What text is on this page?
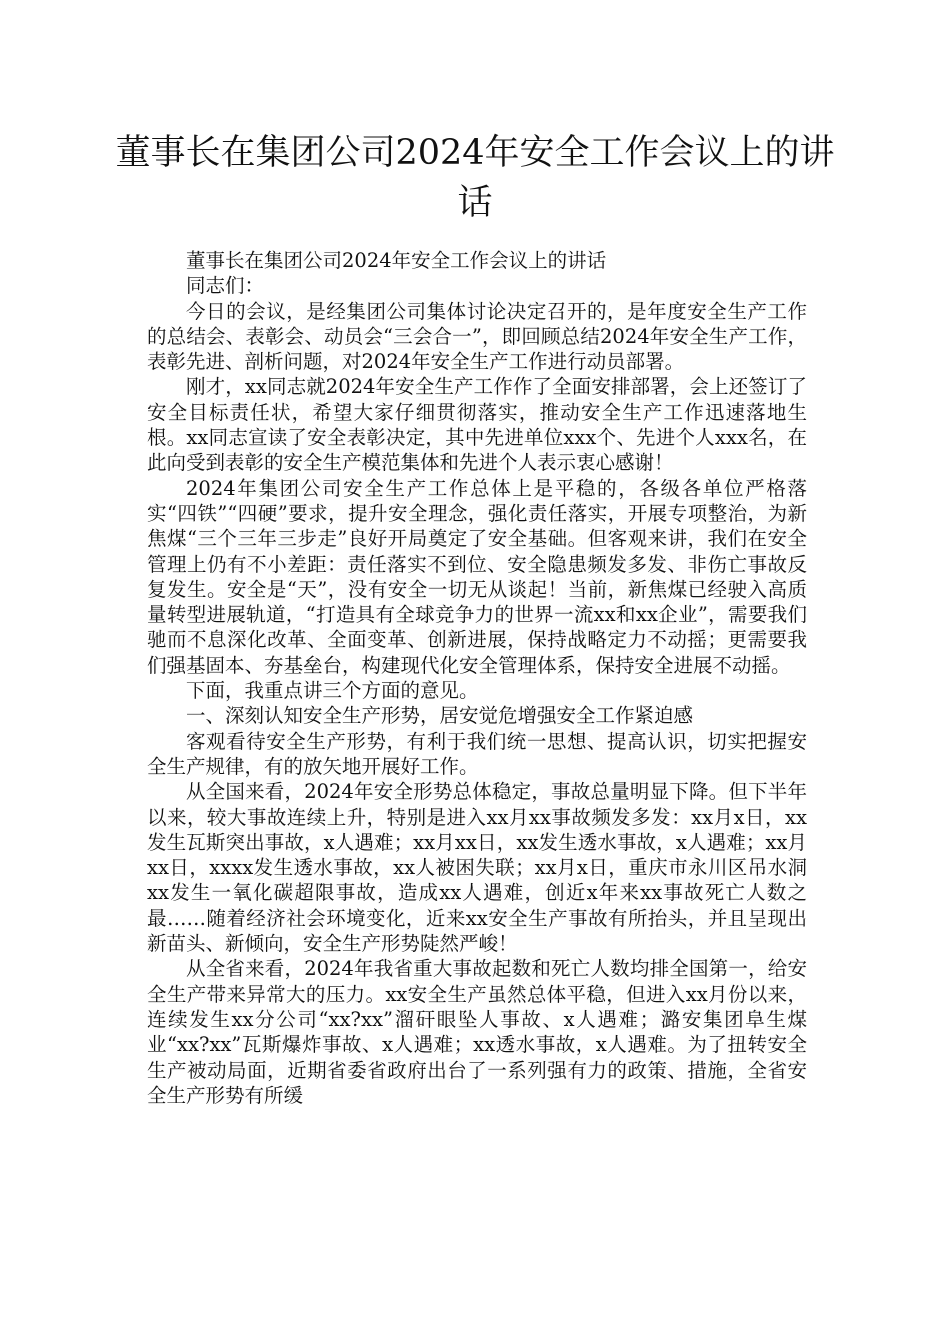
董事长在集团公司2024年安全工作会议上的讲话

董事长在集团公司2024年安全工作会议上的讲话

同志们：

今日的会议，是经集团公司集体讨论决定召开的，是年度安全生产工作的总结会、表彰会、动员会“三会合一”，即回顾总结2024年安全生产工作，表彰先进、剖析问题，对2024年安全生产工作进行动员部署。

刚才，xx同志就2024年安全生产工作作了全面安排部署，会上还签订了安全目标责任状，希望大家仔细贯彻落实，推动安全生产工作迅速落地生根。xx同志宣读了安全表彰决定，其中先进单位xxx个、先进个人xxx名，在此向受到表彰的安全生产模范集体和先进个人表示衷心感谢！

2024年集团公司安全生产工作总体上是平稳的，各级各单位严格落实“四铁”“四硬”要求，提升安全理念，强化责任落实，开展专项整治，为新焦煤“三个三年三步走”良好开局奠定了安全基础。但客观来讲，我们在安全管理上仍有不小差距：责任落实不到位、安全隐患频发多发、非伤亡事故反复发生。安全是“天”，没有安全一切无从谈起！当前，新焦煤已经驶入高质量转型进展轨道，“打造具有全球竞争力的世界一流xx和xx企业”，需要我们驰而不息深化改革、全面变革、创新进展，保持战略定力不动摇；更需要我们强基固本、夯基垒台，构建现代化安全管理体系，保持安全进展不动摇。

下面，我重点讲三个方面的意见。

一、深刻认知安全生产形势，居安觉危增强安全工作紧迫感

客观看待安全生产形势，有利于我们统一思想、提高认识，切实把握安全生产规律，有的放矢地开展好工作。

从全国来看，2024年安全形势总体稳定，事故总量明显下降。但下半年以来，较大事故连续上升，特别是进入xx月xx事故频发多发：xx月x日，xx发生瓦斯突出事故，x人遇难；xx月xx日，xx发生透水事故，x人遇难；xx月xx日，xxxx发生透水事故，xx人被困失联；xx月x日，重庆市永川区吊水洞xx发生一氧化碳超限事故，造成xx人遇难，创近x年来xx事故死亡人数之最……随着经济社会环境变化，近来xx安全生产事故有所抬头，并且呈现出新苗头、新倾向，安全生产形势陡然严峻！

从全省来看，2024年我省重大事故起数和死亡人数均排全国第一，给安全生产带来异常大的压力。xx安全生产虽然总体平稳，但进入xx月份以来，连续发生xx分公司“xx?xx”溜矸眼坠人事故、x人遇难；潞安集团阜生煤业“xx?xx”瓦斯爆炸事故、x人遇难；xx透水事故，x人遇难。为了扭转安全生产被动局面，近期省委省政府出台了一系列强有力的政策、措施，全省安全生产形势有所缓
